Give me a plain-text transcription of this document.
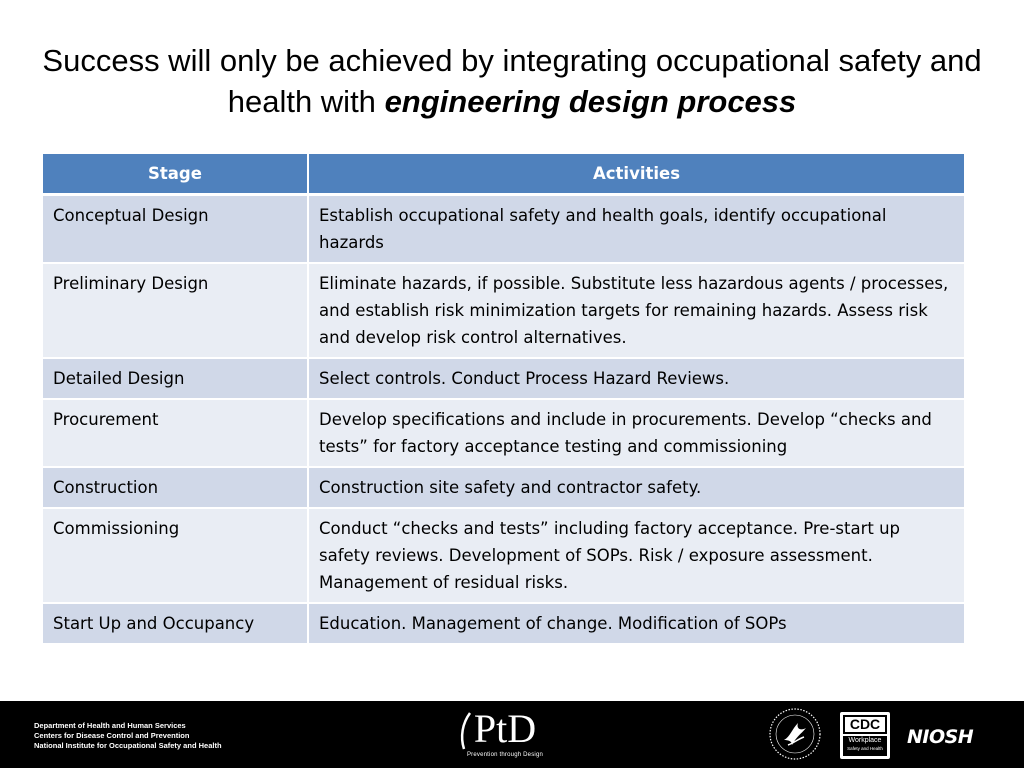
Success will only be achieved by integrating occupational safety and health with engineering design process
Stage	Activities
Conceptual Design	Establish occupational safety and health goals, identify occupational hazards
Preliminary Design	Eliminate hazards, if possible. Substitute less hazardous agents / processes, and establish risk minimization targets for remaining hazards. Assess risk and develop risk control alternatives.
Detailed Design	Select controls. Conduct Process Hazard Reviews.
Procurement	Develop specifications and include in procurements. Develop “checks and tests” for factory acceptance testing and commissioning
Construction	Construction site safety and contractor safety.
Commissioning	Conduct “checks and tests” including factory acceptance. Pre-start up safety reviews. Development of SOPs. Risk / exposure assessment. Management of residual risks.
Start Up and Occupancy	Education. Management of change. Modification of SOPs
Department of Health and Human Services
Centers for Disease Control and Prevention
National Institute for Occupational Safety and Health	PtD
Prevention through Design
CDC
Workplace
Safety and Health
NIOSH
